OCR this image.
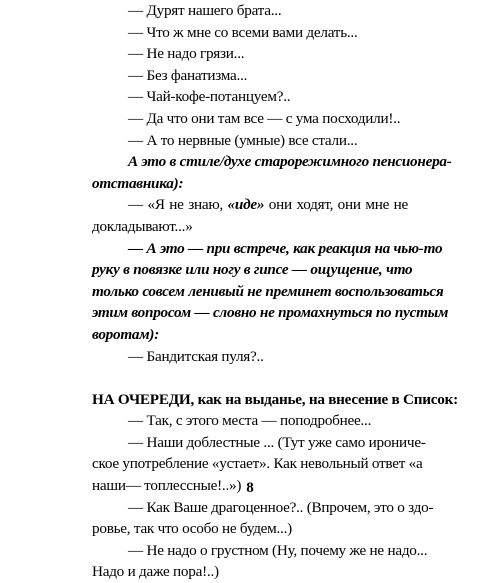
— Дурят нашего брата...
— Что ж мне со всеми вами делать...
— Не надо грязи...
— Без фанатизма...
— Чай-кофе-потанцуем?..
— Да что они там все — с ума посходили!..
— А то нервные (умные) все стали...
А это в стиле/духе старорежимного пенсионера-
отставника):
— «Я не знаю, «иде» они ходят, они мне не
докладывают...»
— А это — при встрече, как реакция на чью-то
руку в повязке или ногу в гипсе — ощущение, что
только совсем ленивый не преминет воспользоваться
этим вопросом — словно не промахнуться по пустым
воротам):
— Бандитская пуля?..
НА ОЧЕРЕДИ, как на выданье, на внесение в Список:
— Так, с этого места — поподробнее...
— Наши доблестные ... (Тут уже само ирониче-
ское употребление «устает». Как невольный ответ «а
наши— топлессные!..»)
— Как Ваше драгоценное?.. (Впрочем, это о здо-
ровье, так что особо не будем...)
— Не надо о грустном (Ну, почему же не надо...
Надо и даже пора!..)
8
